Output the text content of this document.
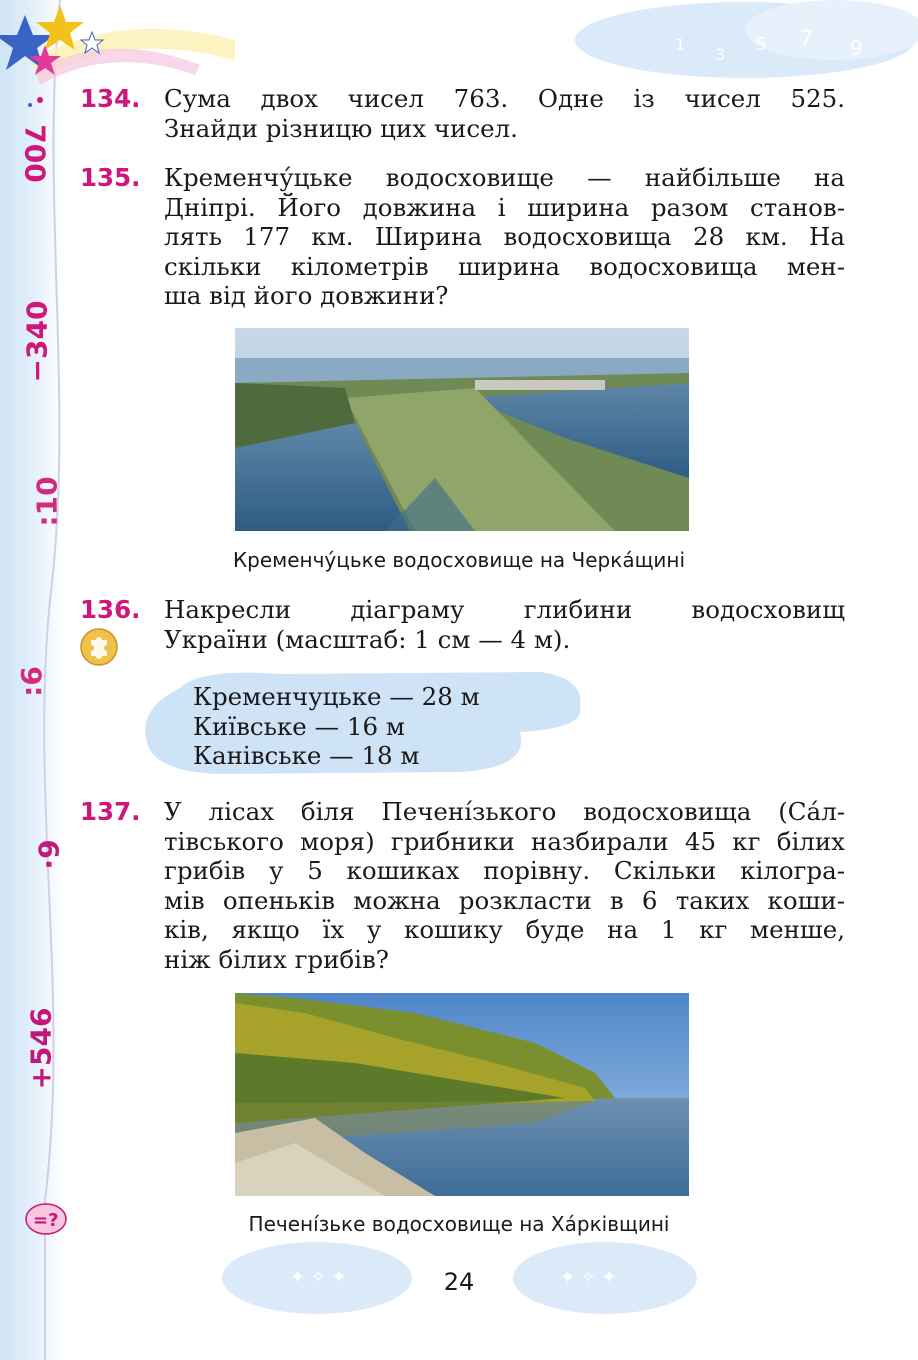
1
3 5 7 9
700
−340
:10
:6
·9
+546
134. Сума двох чисел 763. Одне із чисел 525.
Знайди різницю цих чисел.
135. Кременчу́цьке водосховище — найбільше на
Дніпрі. Його довжина і ширина разом станов-
лять 177 км. Ширина водосховища 28 км. На
скільки кілометрів ширина водосховища мен-
ша від його довжини?
Кременчу́цьке водосховище на Черка́щині
136. Накресли діаграму глибини водосховищ
України (масштаб: 1 см — 4 м).
Кременчуцьке — 28 м
Київське — 16 м
Канівське — 18 м
137. У лісах біля Печені́зького водосховища (Са́л-
тівського моря) грибники назбирали 45 кг білих
грибів у 5 кошиках порівну. Скільки кілогра-
мів опеньків можна розкласти в 6 таких коши-
ків, якщо їх у кошику буде на 1 кг менше,
ніж білих грибів?
Печені́зьке водосховище на Ха́рківщині
=?
✦ ✧ ✦	✦ ✧ ✦
24
